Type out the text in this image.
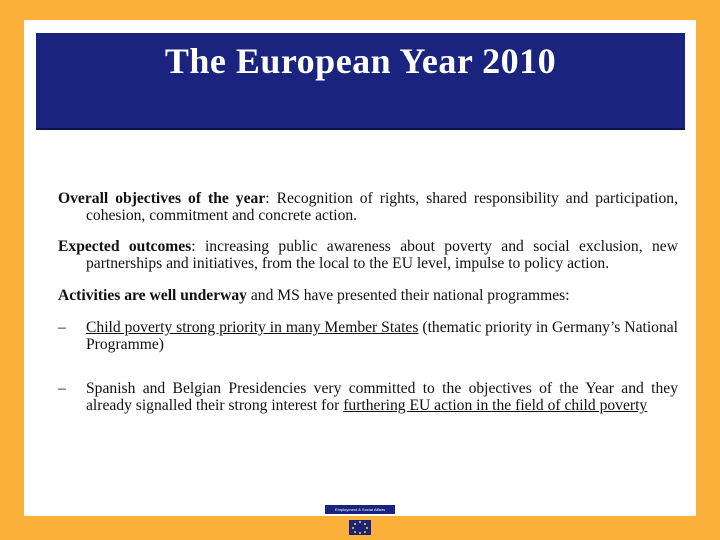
The European Year 2010
Overall objectives of the year: Recognition of rights, shared responsibility and participation, cohesion, commitment and concrete action.
Expected outcomes: increasing public awareness about poverty and social exclusion, new partnerships and initiatives, from the local to the EU level, impulse to policy action.
Activities are well underway and MS have presented their national programmes:
– Child poverty strong priority in many Member States (thematic priority in Germany’s National Programme)
– Spanish and Belgian Presidencies very committed to the objectives of the Year and they already signalled their strong interest for furthering EU action in the field of child poverty
Employment & Social Affairs
